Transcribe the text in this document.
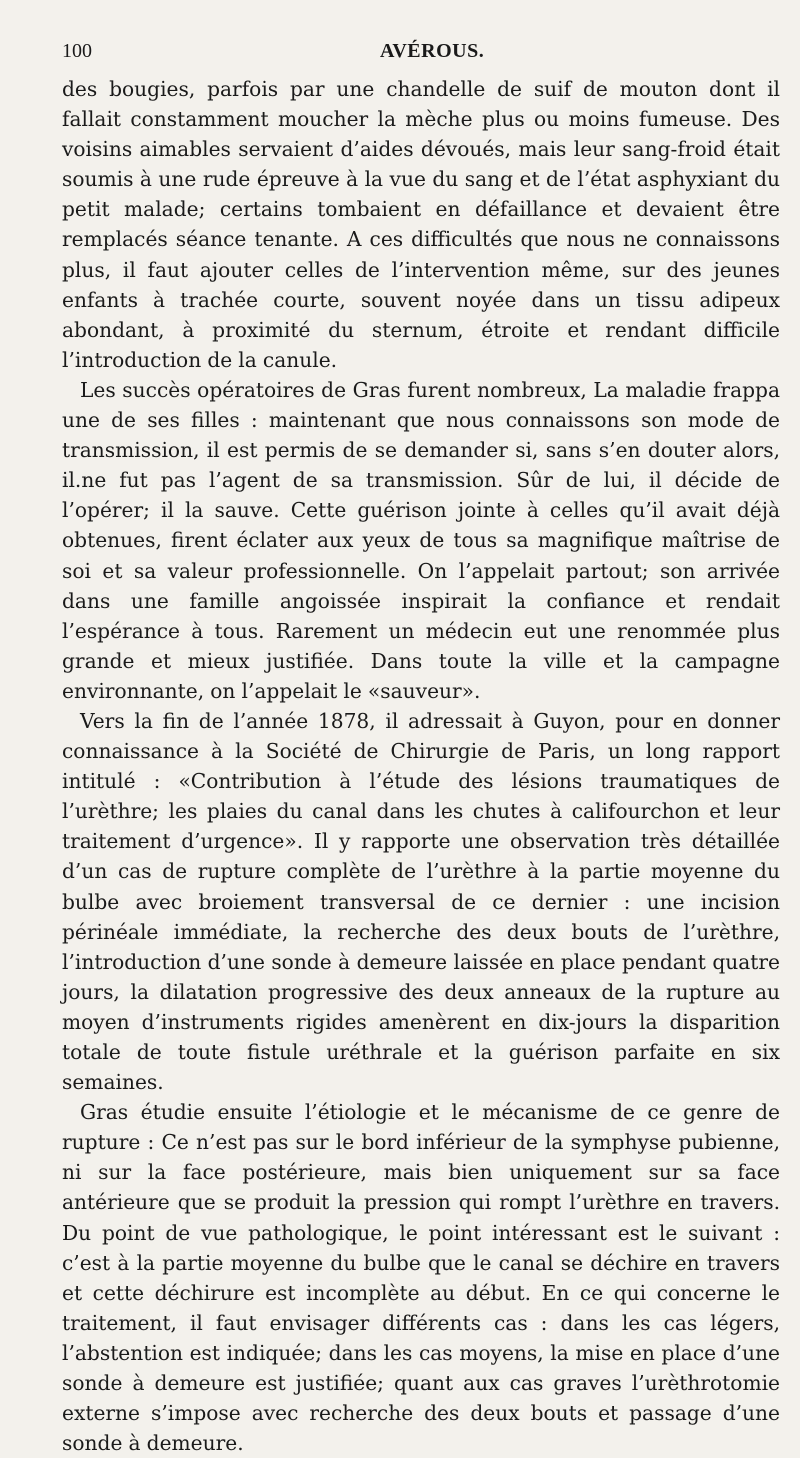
100	AVÉROUS.

des bougies, parfois par une chandelle de suif de mouton dont il fallait constamment moucher la mèche plus ou moins fumeuse. Des voisins aimables servaient d’aides dévoués, mais leur sang-froid était soumis à une rude épreuve à la vue du sang et de l’état asphyxiant du petit malade; certains tombaient en défaillance et devaient être remplacés séance tenante. A ces difficultés que nous ne connaissons plus, il faut ajouter celles de l’intervention même, sur des jeunes enfants à trachée courte, souvent noyée dans un tissu adipeux abondant, à proximité du sternum, étroite et rendant difficile l’introduction de la canule.

Les succès opératoires de Gras furent nombreux, La maladie frappa une de ses filles : maintenant que nous connaissons son mode de transmission, il est permis de se demander si, sans s’en douter alors, il.ne fut pas l’agent de sa transmission. Sûr de lui, il décide de l’opérer; il la sauve. Cette guérison jointe à celles qu’il avait déjà obtenues, firent éclater aux yeux de tous sa magnifique maîtrise de soi et sa valeur professionnelle. On l’appelait partout; son arrivée dans une famille angoissée inspirait la confiance et rendait l’espérance à tous. Rarement un médecin eut une renommée plus grande et mieux justifiée. Dans toute la ville et la campagne environnante, on l’appelait le «sauveur».

Vers la fin de l’année 1878, il adressait à Guyon, pour en donner connaissance à la Société de Chirurgie de Paris, un long rapport intitulé : «Contribution à l’étude des lésions traumatiques de l’urèthre; les plaies du canal dans les chutes à califourchon et leur traitement d’urgence». Il y rapporte une observation très détaillée d’un cas de rupture complète de l’urèthre à la partie moyenne du bulbe avec broiement transversal de ce dernier : une incision périnéale immédiate, la recherche des deux bouts de l’urèthre, l’introduction d’une sonde à demeure laissée en place pendant quatre jours, la dilatation progressive des deux anneaux de la rupture au moyen d’instruments rigides amenèrent en dix-jours la disparition totale de toute fistule uréthrale et la guérison parfaite en six semaines.

Gras étudie ensuite l’étiologie et le mécanisme de ce genre de rupture : Ce n’est pas sur le bord inférieur de la symphyse pubienne, ni sur la face postérieure, mais bien uniquement sur sa face antérieure que se produit la pression qui rompt l’urèthre en travers. Du point de vue pathologique, le point intéressant est le suivant : c’est à la partie moyenne du bulbe que le canal se déchire en travers et cette déchirure est incomplète au début. En ce qui concerne le traitement, il faut envisager différents cas : dans les cas légers, l’abstention est indiquée; dans les cas moyens, la mise en place d’une sonde à demeure est justifiée; quant aux cas graves l’urèthrotomie externe s’impose avec recherche des deux bouts et passage d’une sonde à demeure.
